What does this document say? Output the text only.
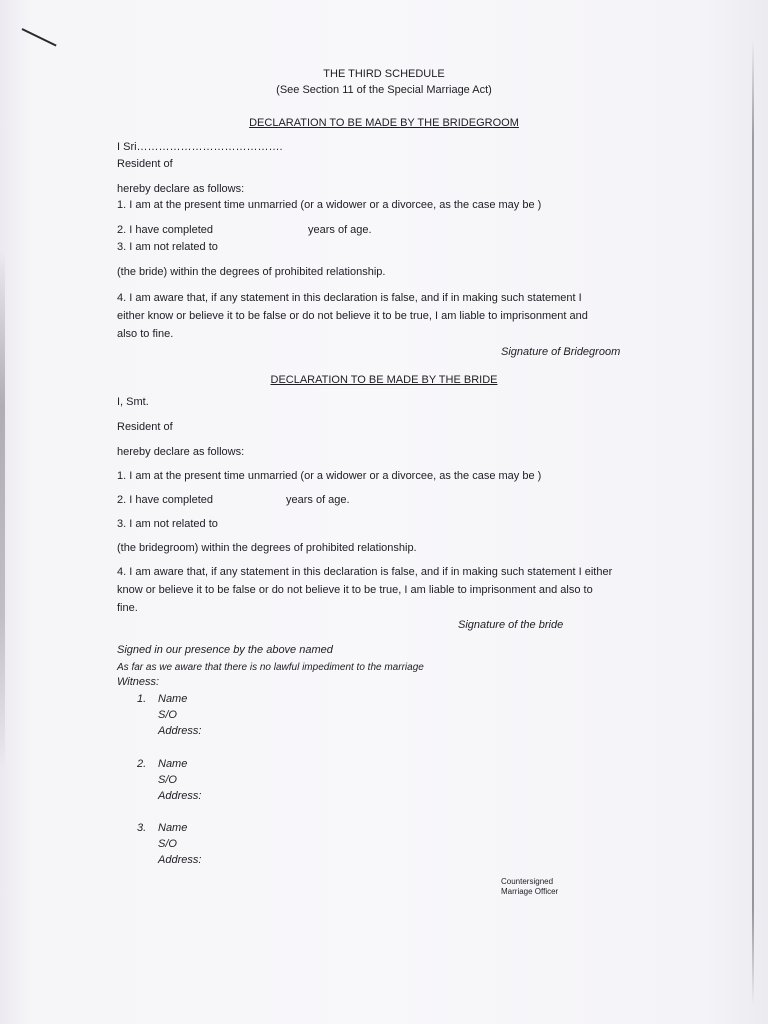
THE THIRD SCHEDULE
(See Section 11 of the Special Marriage Act)
DECLARATION TO BE MADE BY THE BRIDEGROOM
I Sri………………………………….
Resident of
hereby declare as follows:
1. I am at the present time unmarried (or a widower or a divorcee, as the case may be )
2. I have completed	years of age.
3. I am not related to
(the bride) within the degrees of prohibited relationship.
4. I am aware that, if any statement in this declaration is false, and if in making such statement I
either know or believe it to be false or do not believe it to be true, I am liable to imprisonment and
also to fine.
Signature of Bridegroom
DECLARATION TO BE MADE BY THE BRIDE
I, Smt.
Resident of
hereby declare as follows:
1. I am at the present time unmarried (or a widower or a divorcee, as the case may be )
2. I have completed	years of age.
3. I am not related to
(the bridegroom) within the degrees of prohibited relationship.
4. I am aware that, if any statement in this declaration is false, and if in making such statement I either
know or believe it to be false or do not believe it to be true, I am liable to imprisonment and also to
fine.
Signature of the bride
Signed in our presence by the above named
As far as we aware that there is no lawful impediment to the marriage
Witness:
1. Name
S/O
Address:
2. Name
S/O
Address:
3. Name
S/O
Address:
Countersigned
Marriage Officer
